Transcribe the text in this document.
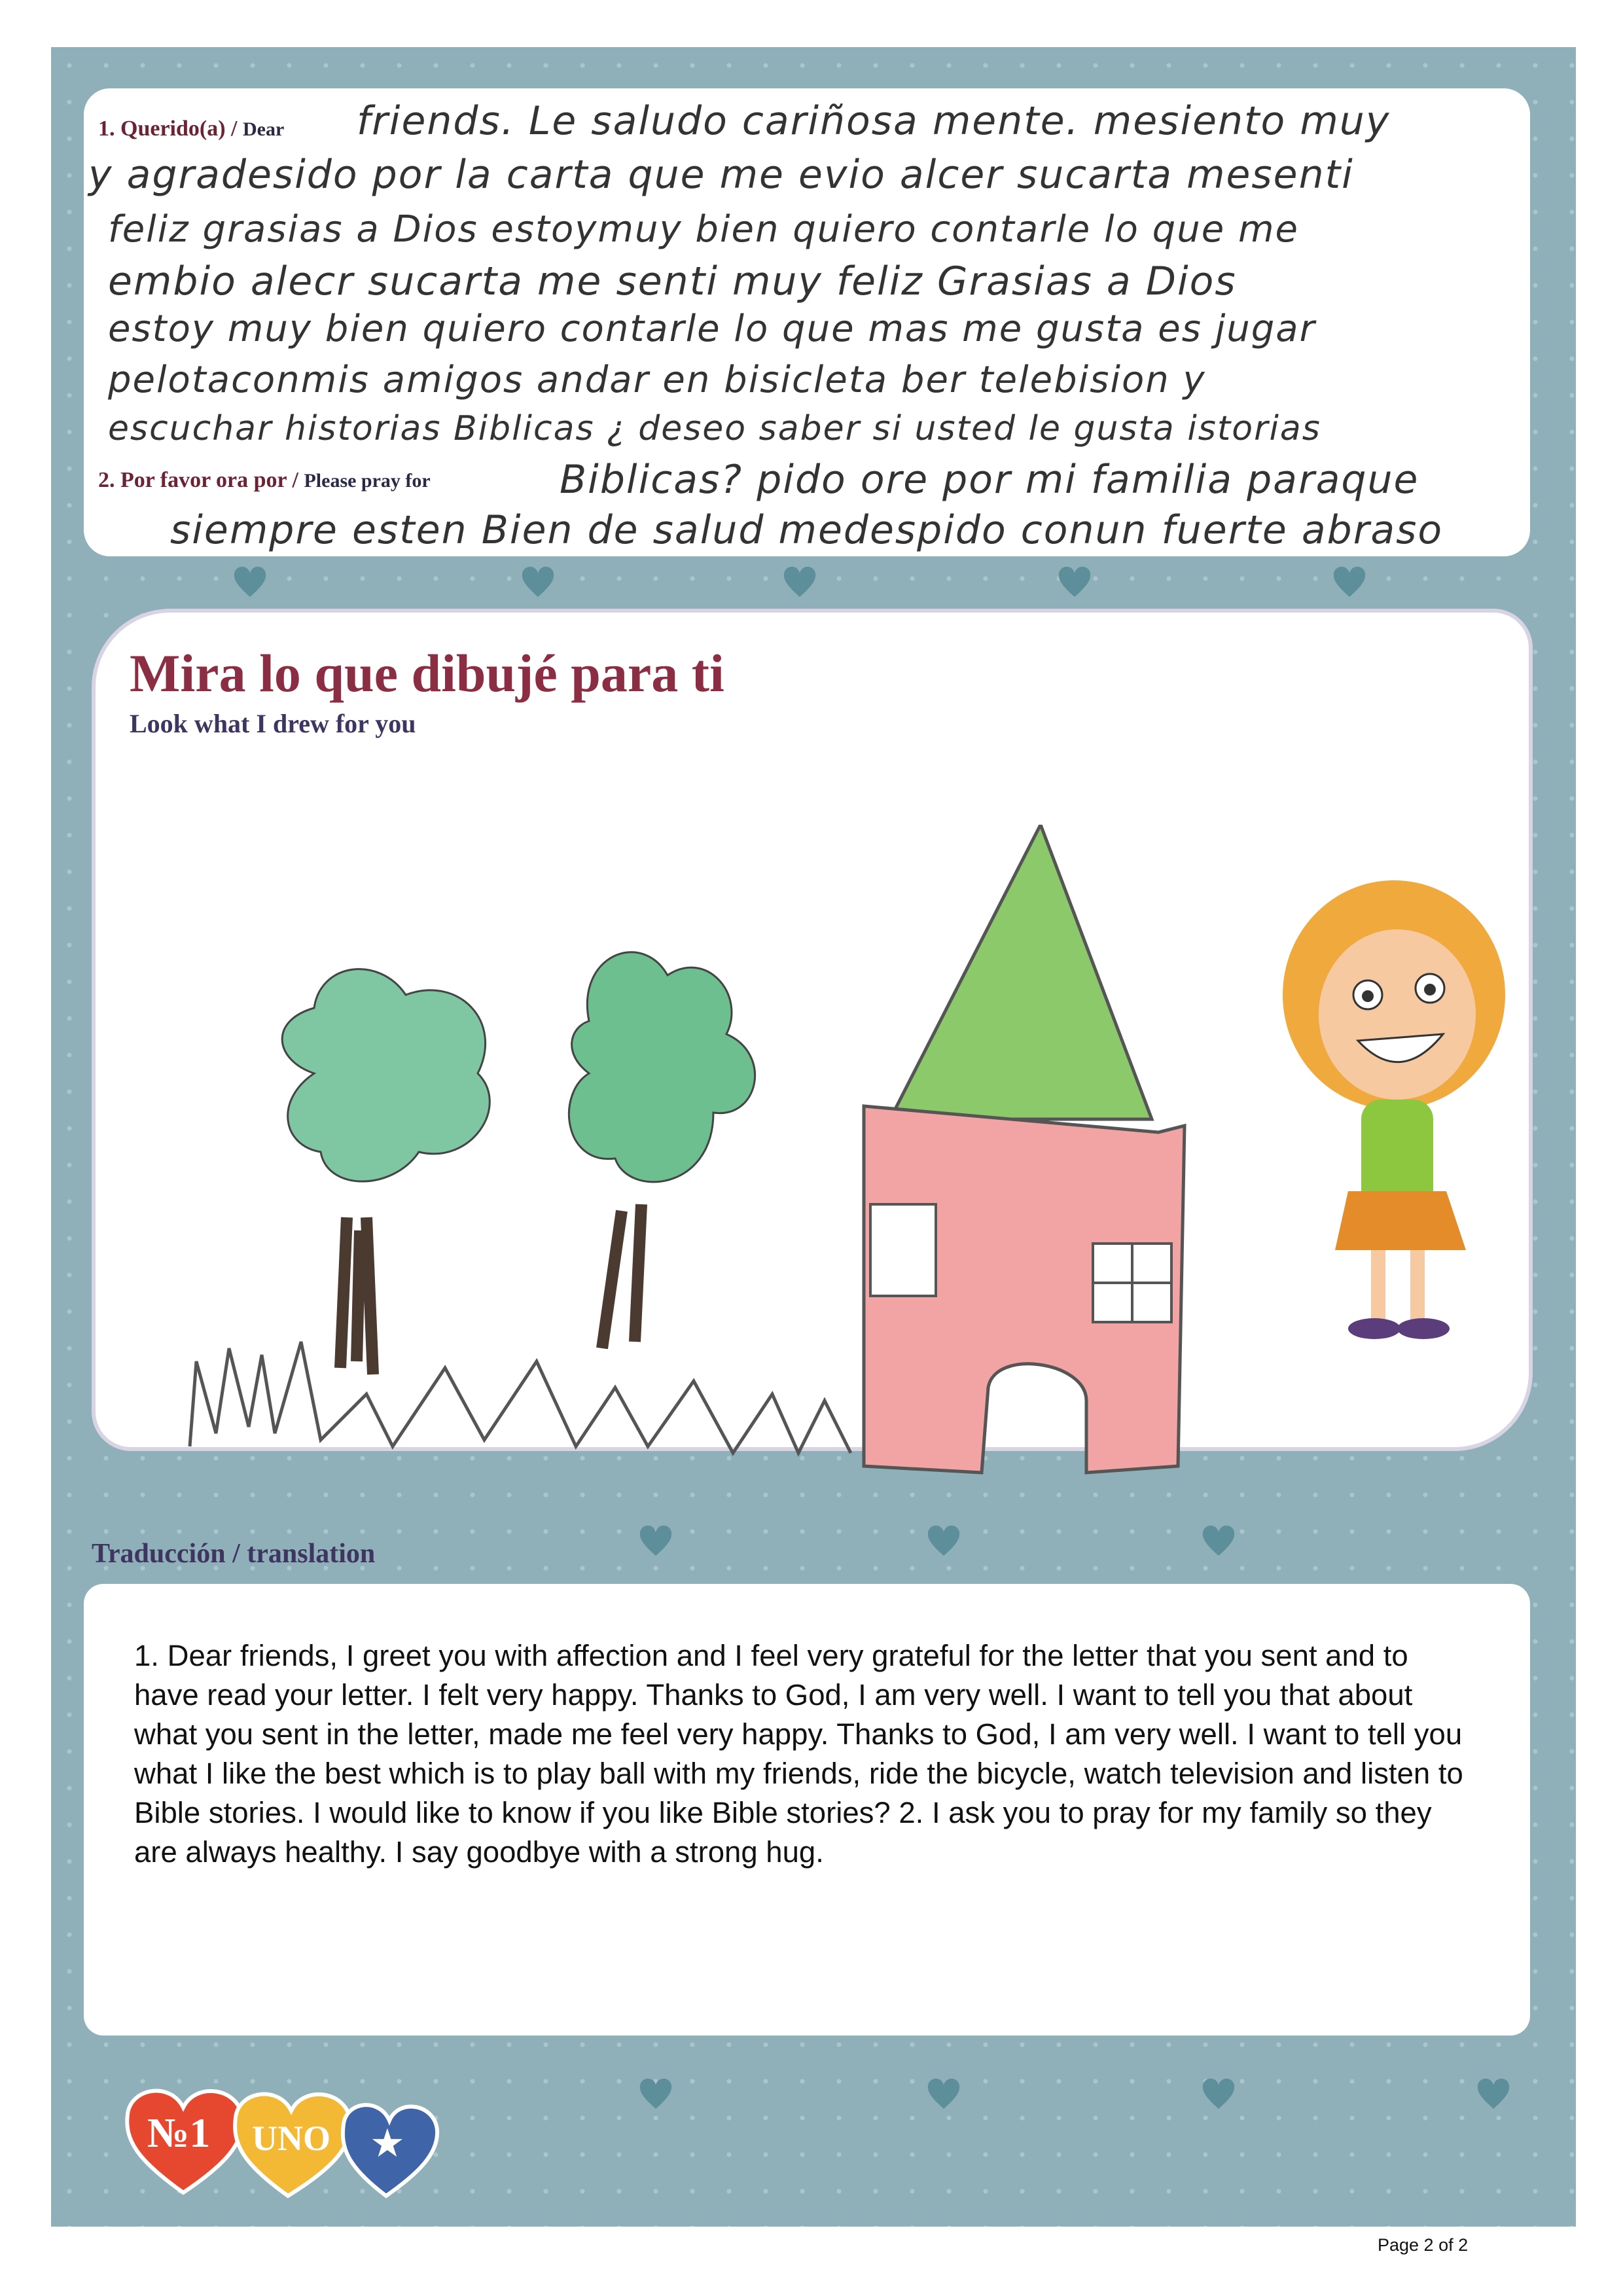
1. Querido(a) / Dear
2. Por favor ora por / Please pray for
friends. Le saludo cariñosa mente. mesiento muy
y agradesido por la carta que me evio alcer sucarta mesenti
feliz grasias a Dios estoymuy bien quiero contarle lo que me
embio alecr sucarta me senti muy feliz Grasias a Dios
estoy muy bien quiero contarle lo que mas me gusta es jugar
pelotaconmis amigos andar en bisicleta ber telebision y
escuchar historias Biblicas ¿ deseo saber si usted le gusta istorias
Biblicas? pido ore por mi familia paraque
siempre esten Bien de salud medespido conun fuerte abraso
Mira lo que dibujé para ti
Look what I drew for you
Traducción / translation
1. Dear friends, I greet you with affection and I feel very grateful for the letter that you sent and to have read your letter. I felt very happy. Thanks to God, I am very well. I want to tell you that about what you sent in the letter, made me feel very happy. Thanks to God, I am very well. I want to tell you what I like the best which is to play ball with my friends, ride the bicycle, watch television and listen to Bible stories. I would like to know if you like Bible stories? 2. I ask you to pray for my family so they are always healthy. I say goodbye with a strong hug.
№1 UNO ★
Page 2 of 2
